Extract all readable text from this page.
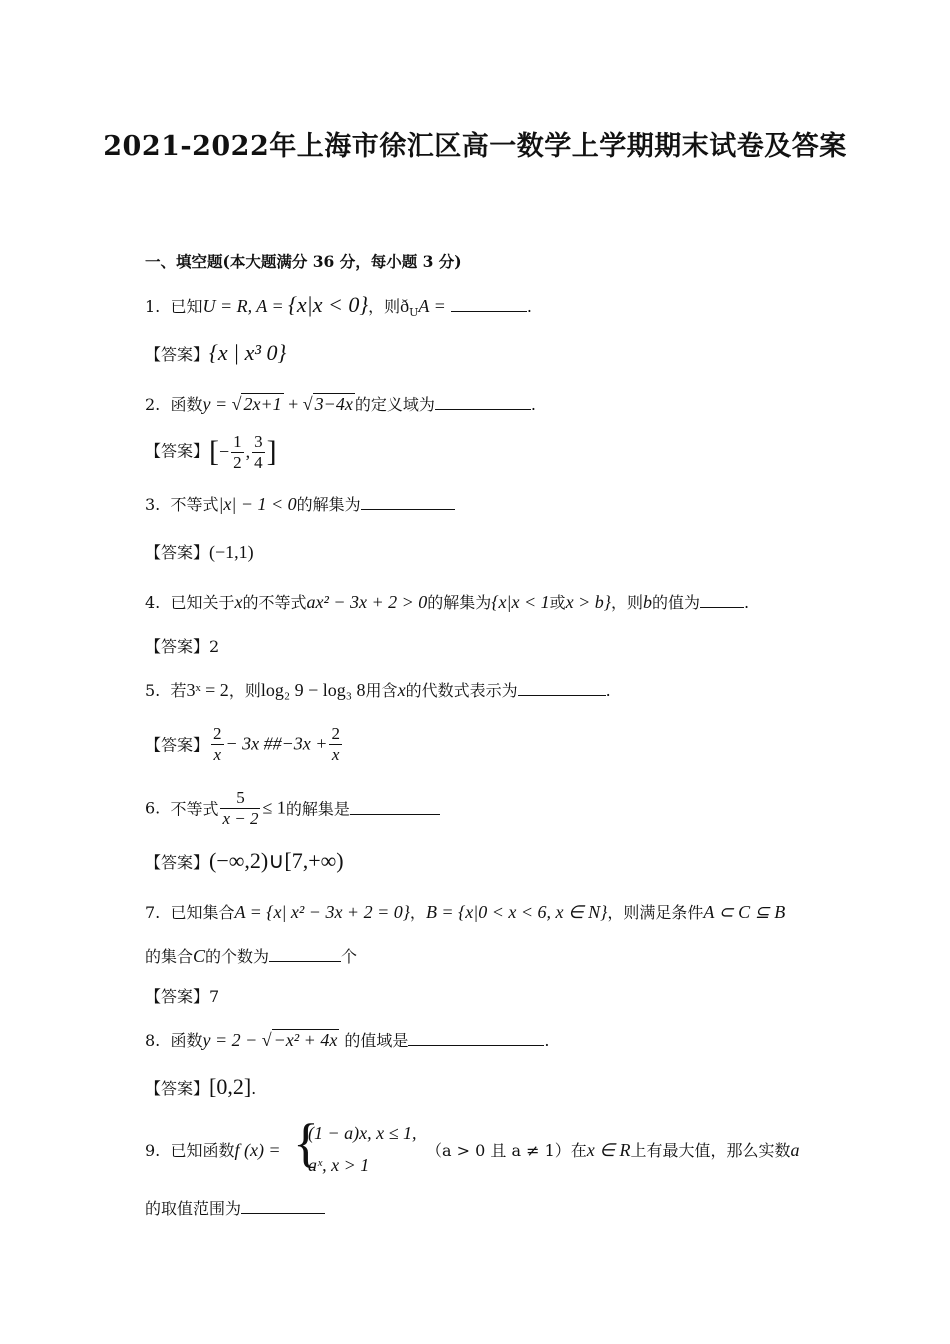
2021-2022年上海市徐汇区高一数学上学期期末试卷及答案
一、填空题(本大题满分 36 分，每小题 3 分)
1. 已知U = R, A = {x|x < 0}，则$ð_UA$ =	.
【答案】{x | x³ 0}
2. 函数y = √ 2x+1 + √ 3−4x 的定义域为	.
【答案】[− $\frac{1}{2}$ , $\frac{3}{4}$ ]
3. 不等式|x| − 1 < 0的解集为
【答案】(−1,1)
4. 已知关于x的不等式ax² − 3x + 2 > 0的解集为{x|x < 1或x > b}，则b的值为	.
【答案】2
5. 若3ˣ = 2，则log₂ 9 − log₃ 8用含x的代数式表示为	.
【答案】 $\frac{2}{x} - 3x$ ##−3x + $\frac{2}{x}$
6. 不等式 $\frac{5}{x - 2} \le 1$的解集是
【答案】(−∞,2)∪[7,+∞)
7. 已知集合A = {x| x² − 3x + 2 = 0}，B = {x|0 < x < 6, x ∈ N}，则满足条件A ⊂ C ⊆ B
的集合C的个数为	个
【答案】7
8. 函数y = 2 − √ −x² + 4x 的值域是	.
【答案】[0,2].
9. 已知函数f (x) = {
(1 − a)x, x ≤ 1,
aˣ, x > 1
（a > 0 且 a ≠ 1）在x ∈ R上有最大值，那么实数a
的取值范围为
